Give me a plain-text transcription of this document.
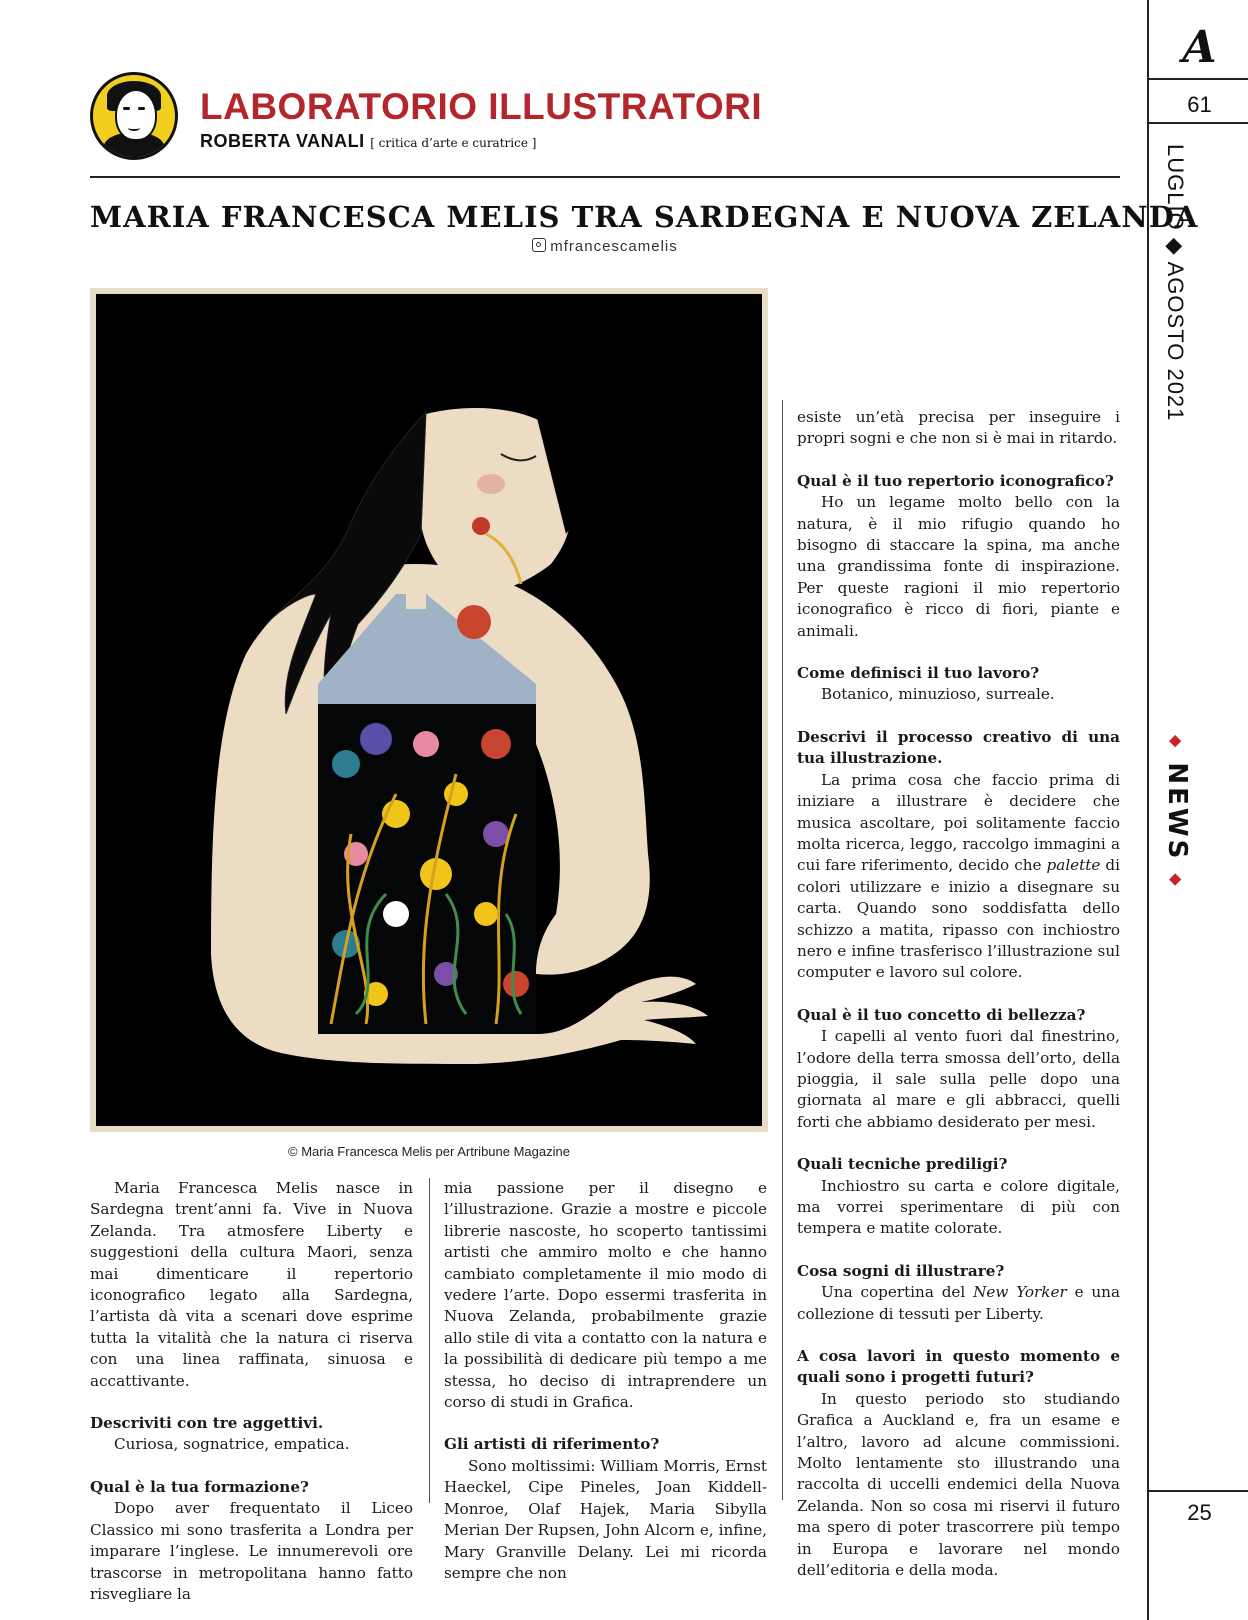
A
61
25
LUGLIO ◆ AGOSTO 2021
◆ NEWS ◆
LABORATORIO ILLUSTRATORI
ROBERTA VANALI [ critica d’arte e curatrice ]
MARIA FRANCESCA MELIS TRA SARDEGNA E NUOVA ZELANDA
mfrancescamelis
© Maria Francesca Melis per Artribune Magazine

Maria Francesca Melis nasce in Sardegna trent’anni fa. Vive in Nuova Zelanda. Tra atmosfere Liberty e suggestioni della cultura Maori, senza mai dimenticare il repertorio iconografico legato alla Sardegna, l’artista dà vita a scenari dove esprime tutta la vitalità che la natura ci riserva con una linea raffinata, sinuosa e accattivante.

Descriviti con tre aggettivi.

Curiosa, sognatrice, empatica.

Qual è la tua formazione?

Dopo aver frequentato il Liceo Classico mi sono trasferita a Londra per imparare l’inglese. Le innumerevoli ore trascorse in metropolitana hanno fatto risvegliare la

mia passione per il disegno e l’illustrazione. Grazie a mostre e piccole librerie nascoste, ho scoperto tantissimi artisti che ammiro molto e che hanno cambiato completamente il mio modo di vedere l’arte. Dopo essermi trasferita in Nuova Zelanda, probabilmente grazie allo stile di vita a contatto con la natura e la possibilità di dedicare più tempo a me stessa, ho deciso di intraprendere un corso di studi in Grafica.

Gli artisti di riferimento?

Sono moltissimi: William Morris, Ernst Haeckel, Cipe Pineles, Joan Kiddell-Monroe, Olaf Hajek, Maria Sibylla Merian Der Rupsen, John Alcorn e, infine, Mary Granville Delany. Lei mi ricorda sempre che non

esiste un’età precisa per inseguire i propri sogni e che non si è mai in ritardo.

Qual è il tuo repertorio iconografico?

Ho un legame molto bello con la natura, è il mio rifugio quando ho bisogno di staccare la spina, ma anche una grandissima fonte di inspirazione. Per queste ragioni il mio repertorio iconografico è ricco di fiori, piante e animali.

Come definisci il tuo lavoro?

Botanico, minuzioso, surreale.

Descrivi il processo creativo di una tua illustrazione.

La prima cosa che faccio prima di iniziare a illustrare è decidere che musica ascoltare, poi solitamente faccio molta ricerca, leggo, raccolgo immagini a cui fare riferimento, decido che palette di colori utilizzare e inizio a disegnare su carta. Quando sono soddisfatta dello schizzo a matita, ripasso con inchiostro nero e infine trasferisco l’illustrazione sul computer e lavoro sul colore.

Qual è il tuo concetto di bellezza?

I capelli al vento fuori dal finestrino, l’odore della terra smossa dell’orto, della pioggia, il sale sulla pelle dopo una giornata al mare e gli abbracci, quelli forti che abbiamo desiderato per mesi.

Quali tecniche prediligi?

Inchiostro su carta e colore digitale, ma vorrei sperimentare di più con tempera e matite colorate.

Cosa sogni di illustrare?

Una copertina del New Yorker e una collezione di tessuti per Liberty.

A cosa lavori in questo momento e quali sono i progetti futuri?

In questo periodo sto studiando Grafica a Auckland e, fra un esame e l’altro, lavoro ad alcune commissioni. Molto lentamente sto illustrando una raccolta di uccelli endemici della Nuova Zelanda. Non so cosa mi riservi il futuro ma spero di poter trascorrere più tempo in Europa e lavorare nel mondo dell’editoria e della moda.
